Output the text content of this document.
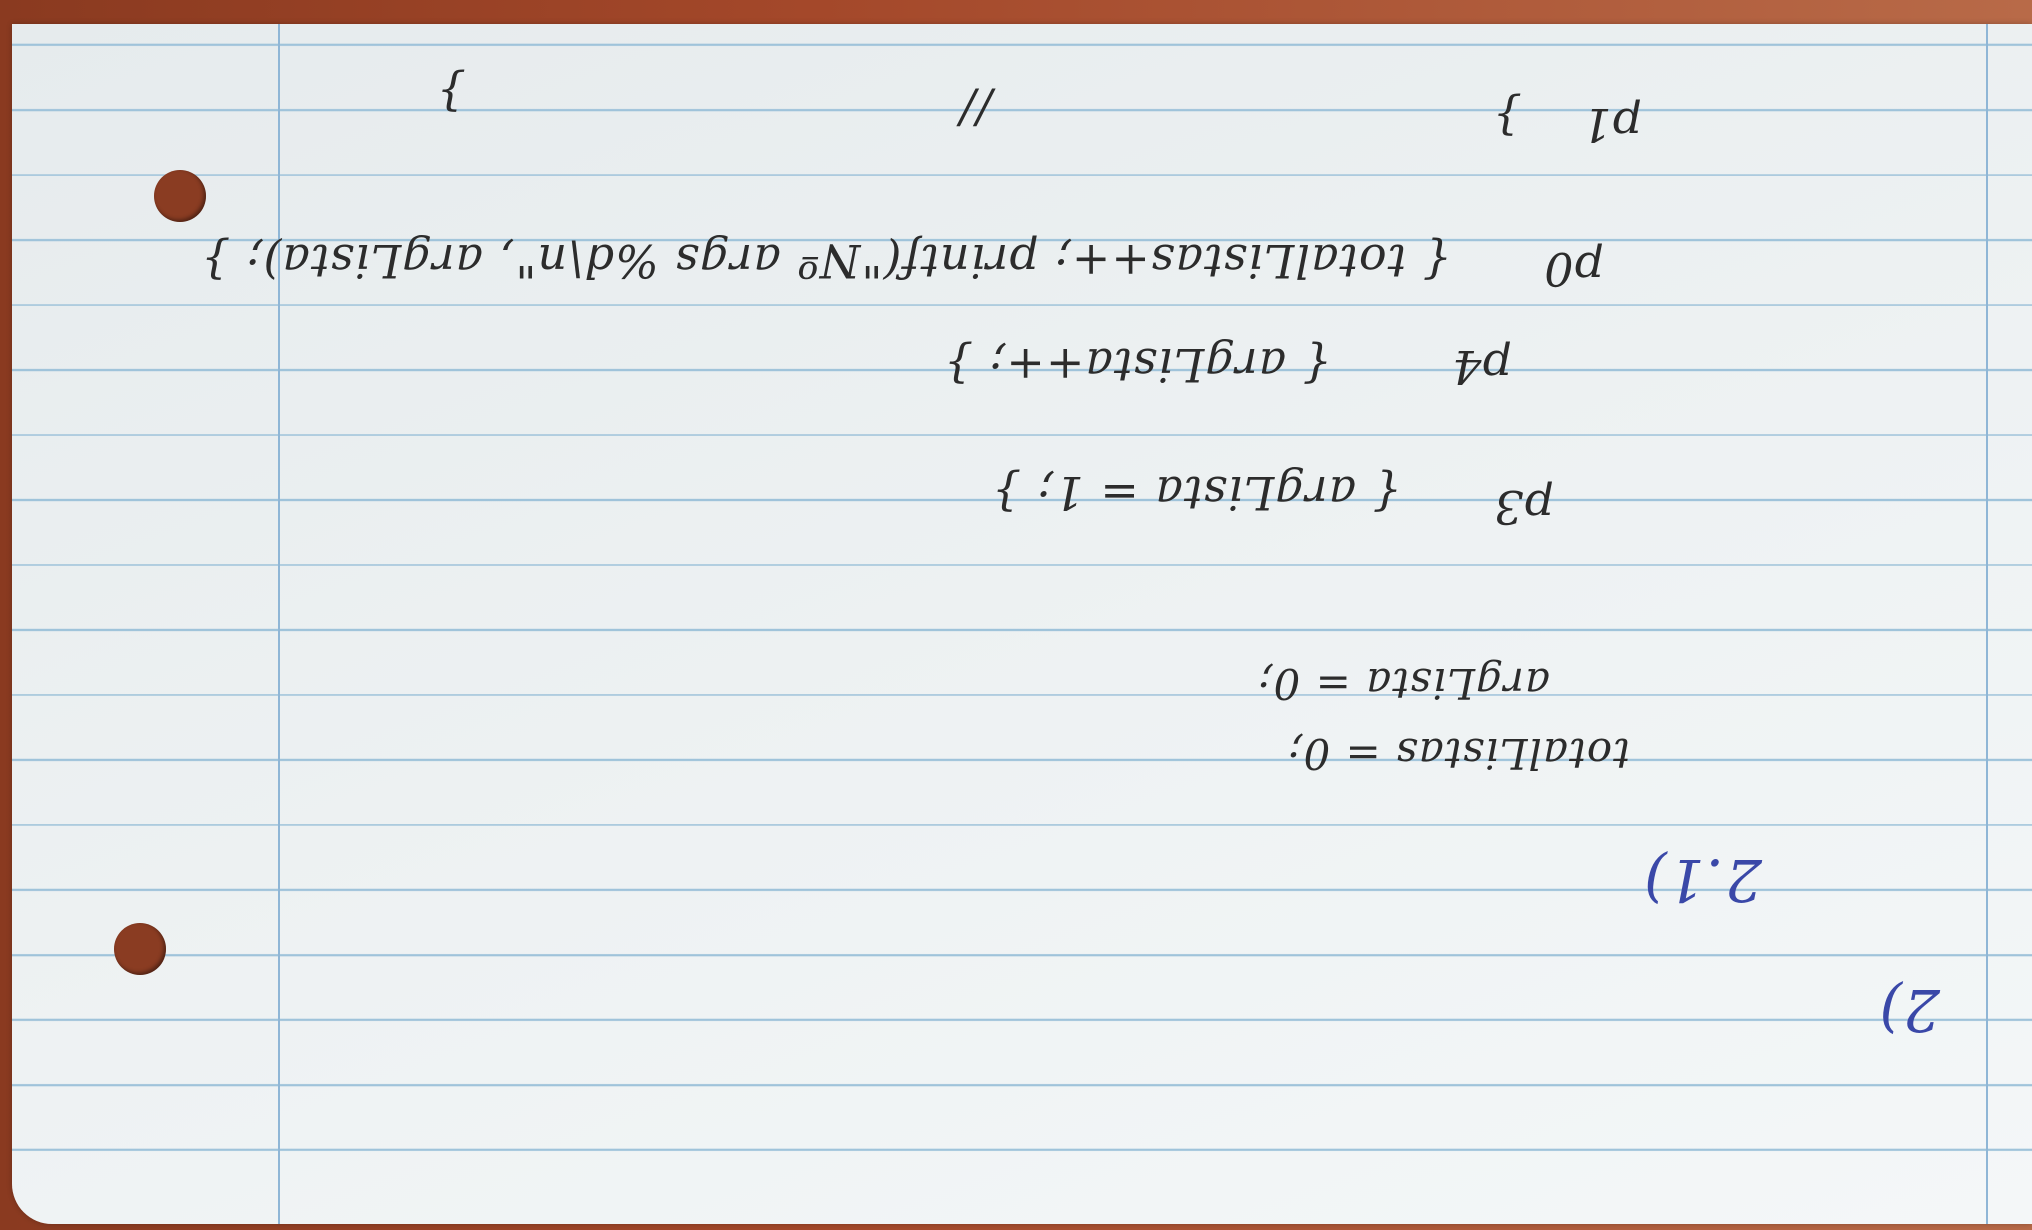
2)
2.1)
totalListas = 0;
argLista = 0;
p3
{ argLista = 1; }
p4
{ argLista++; }
p0
{ totalListas++; printf("Nº args %d\n", argLista); }
p1
}
//
}
